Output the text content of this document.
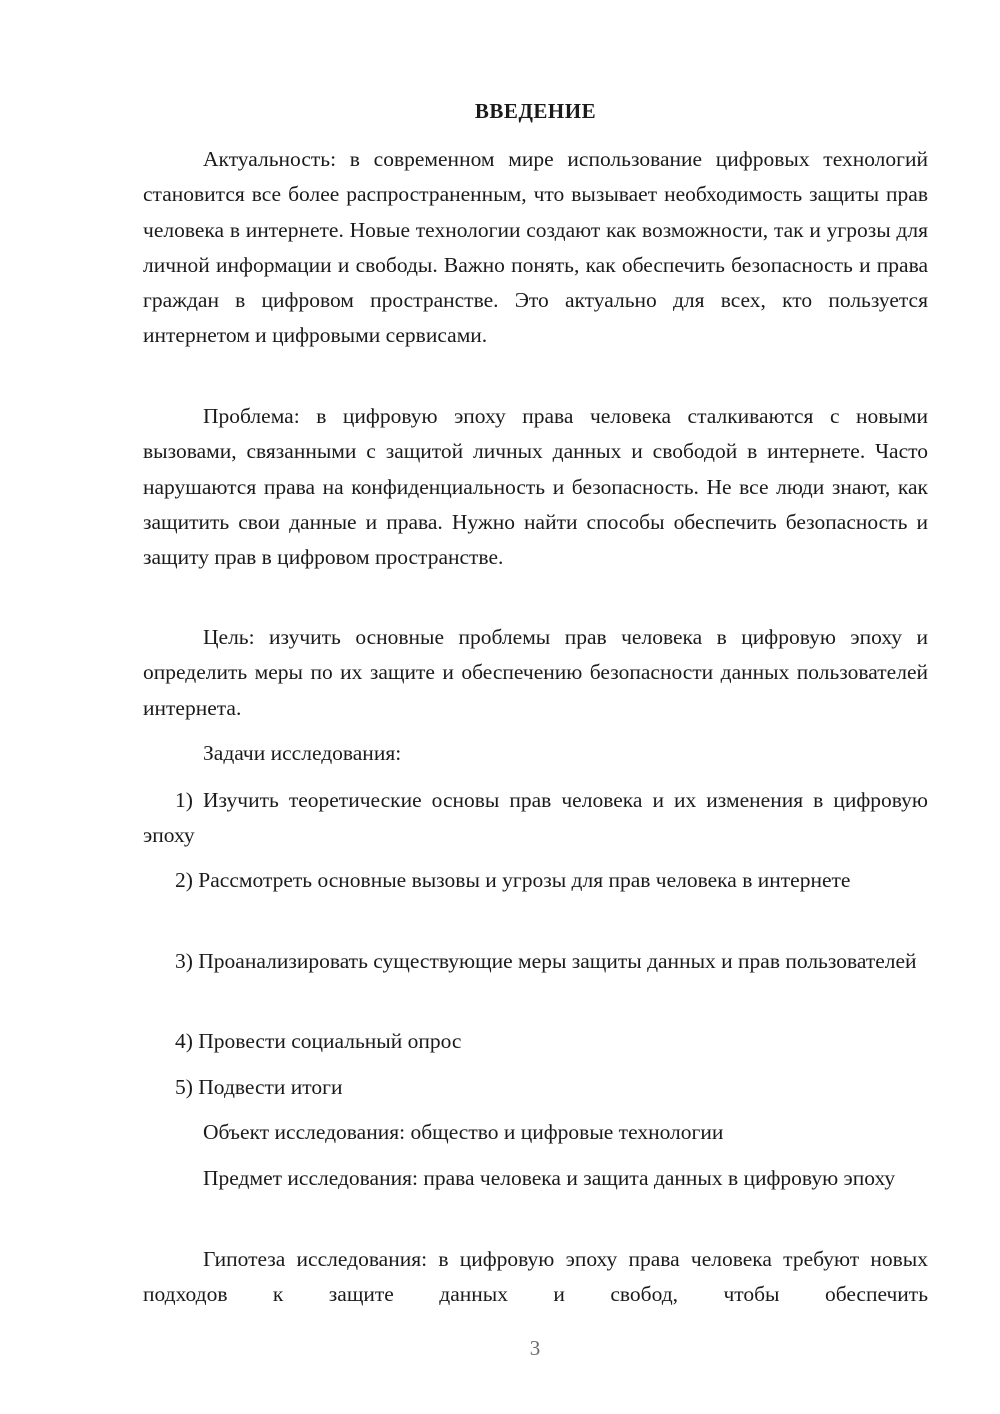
ВВЕДЕНИЕ

Актуальность: в современном мире использование цифровых технологий становится все более распространенным, что вызывает необходимость защиты прав человека в интернете. Новые технологии создают как возможности, так и угрозы для личной информации и свободы. Важно понять, как обеспечить безопасность и права граждан в цифровом пространстве. Это актуально для всех, кто пользуется интернетом и цифровыми сервисами.

Проблема: в цифровую эпоху права человека сталкиваются с новыми вызовами, связанными с защитой личных данных и свободой в интернете. Часто нарушаются права на конфиденциальность и безопасность. Не все люди знают, как защитить свои данные и права. Нужно найти способы обеспечить безопасность и защиту прав в цифровом пространстве.

Цель: изучить основные проблемы прав человека в цифровую эпоху и определить меры по их защите и обеспечению безопасности данных пользователей интернета.

Задачи исследования:

1) Изучить теоретические основы прав человека и их изменения в цифровую эпоху

2) Рассмотреть основные вызовы и угрозы для прав человека в интернете

3) Проанализировать существующие меры защиты данных и прав пользователей

4) Провести социальный опрос

5) Подвести итоги

Объект исследования: общество и цифровые технологии

Предмет исследования: права человека и защита данных в цифровую эпоху

Гипотеза исследования: в цифровую эпоху права человека требуют новых подходов к защите данных и свобод, чтобы обеспечить

3
